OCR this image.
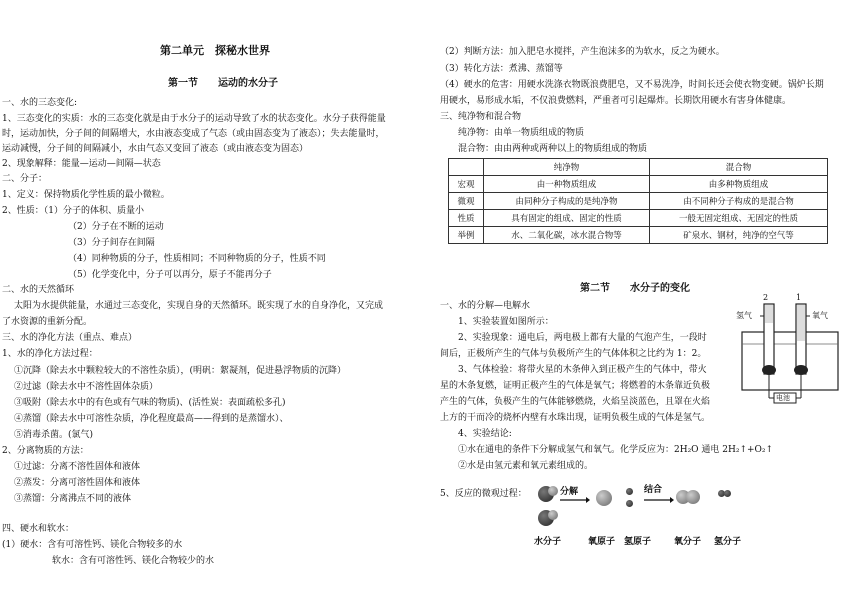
第二单元　探秘水世界
第一节　　运动的水分子
一、水的三态变化:
1、三态变化的实质：水的三态变化就是由于水分子的运动导致了水的状态变化。水分子获得能量
时，运动加快，分子间的间隔增大，水由液态变成了气态（或由固态变为了液态）；失去能量时，
运动减慢，分子间的间隔减小，水由气态又变回了液态（或由液态变为固态）
2、现象解释：能量—运动—间隔—状态
二、分子：
1、定义：保持物质化学性质的最小微粒。
2、性质：（1）分子的体积、质量小
（2）分子在不断的运动
（3）分子间存在间隔
（4）同种物质的分子，性质相同；不同种物质的分子，性质不同
（5）化学变化中，分子可以再分，原子不能再分子
二、水的天然循环
太阳为水提供能量，水通过三态变化，实现自身的天然循环。既实现了水的自身净化，又完成
了水资源的重新分配。
三、水的净化方法（重点、难点）
1、水的净化方法过程：
①沉降（除去水中颗粒较大的不溶性杂质），(明矾：絮凝剂，促进悬浮物质的沉降）
②过滤（除去水中不溶性固体杂质）
③吸附（除去水中的有色或有气味的物质)、(活性炭：表面疏松多孔)
④蒸馏（除去水中可溶性杂质，净化程度最高——得到的是蒸馏水）、
⑤消毒杀菌。(氯气)
2、分离物质的方法：
①过滤：分离不溶性固体和液体
②蒸发：分离可溶性固体和液体
③蒸馏：分离沸点不同的液体
四、硬水和软水：
(1）硬水：含有可溶性钙、镁化合物较多的水
软水：含有可溶性钙、镁化合物较少的水
（2）判断方法：加入肥皂水搅拌，产生泡沫多的为软水，反之为硬水。
（3）转化方法：煮沸、蒸馏等
（4）硬水的危害：用硬水洗涤衣物既浪费肥皂，又不易洗净，时间长还会使衣物变硬。锅炉长期
用硬水，易形成水垢，不仅浪费燃料，严重者可引起爆炸。长期饮用硬水有害身体健康。
三、纯净物和混合物
纯净物：由单一物质组成的物质
混合物：由由两种或两种以上的物质组成的物质
	纯净物	混合物
宏观	由一种物质组成	由多种物质组成
微观	由同种分子构成的是纯净物	由不同种分子构成的是混合物
性质	具有固定的组成、固定的性质	一般无固定组成、无固定的性质
举例	水、二氧化碳，冰水混合物等	矿泉水、钢材，纯净的空气等
第二节　　水分子的变化
一、水的分解—电解水
1、实验装置如图所示：
2、实验现象：通电后，两电极上都有大量的气泡产生，一段时
间后，正极所产生的气体与负极所产生的气体体积之比约为 1：2。
3、气体检验：将带火星的木条伸入到正极产生的气体中，带火
星的木条复燃，证明正极产生的气体是氧气；将燃着的木条靠近负极
产生的气体，负极产生的气体能够燃烧，火焰呈淡蓝色，且罩在火焰
上方的干而冷的烧杯内壁有水珠出现，证明负极生成的气体是氢气。
4、实验结论:
①水在通电的条件下分解成氢气和氧气。化学反应为：2H₂O 通电 2H₂↑+O₂↑
②水是由氢元素和氧元素组成的。
5、反应的微观过程：
2	1
氢气	氧气
电池
分解	结合
水分子	氧原子 氢原子	氧分子 氢分子
